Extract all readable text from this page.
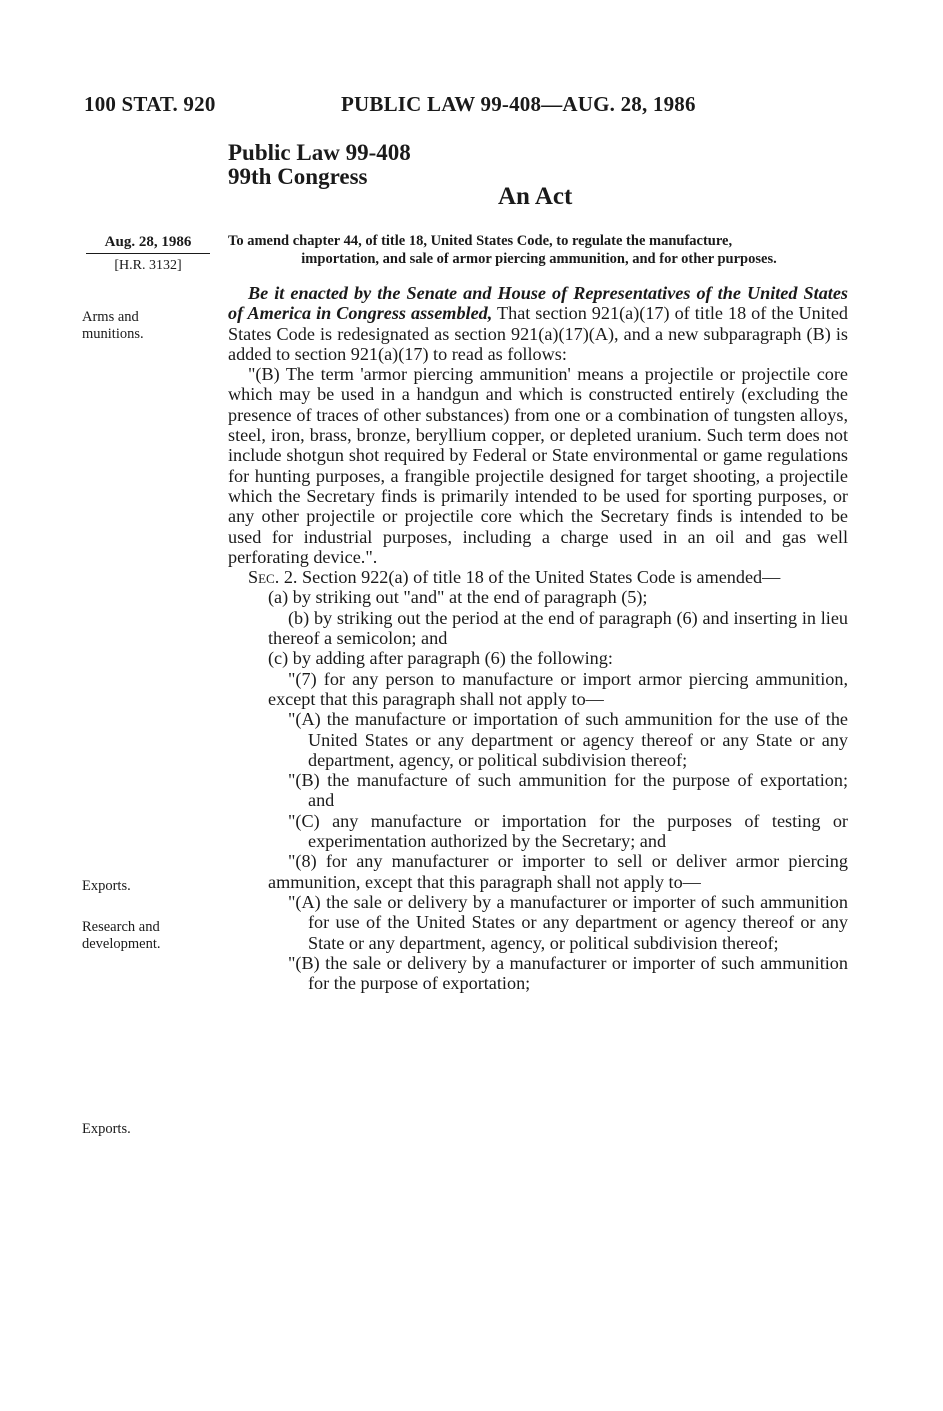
100 STAT. 920	PUBLIC LAW 99-408—AUG. 28, 1986
Public Law 99-408
99th Congress
An Act
Aug. 28, 1986
[H.R. 3132]
Arms and munitions.
Exports.
Research and development.
Exports.
To amend chapter 44, of title 18, United States Code, to regulate the manufacture,
importation, and sale of armor piercing ammunition, and for other purposes.

Be it enacted by the Senate and House of Representatives of the United States of America in Congress assembled, That section 921(a)(17) of title 18 of the United States Code is redesignated as section 921(a)(17)(A), and a new subparagraph (B) is added to section 921(a)(17) to read as follows:

"(B) The term 'armor piercing ammunition' means a projectile or projectile core which may be used in a handgun and which is constructed entirely (excluding the presence of traces of other substances) from one or a combination of tungsten alloys, steel, iron, brass, bronze, beryllium copper, or depleted uranium. Such term does not include shotgun shot required by Federal or State environmental or game regulations for hunting purposes, a frangible projectile designed for target shooting, a projectile which the Secretary finds is primarily intended to be used for sporting purposes, or any other projectile or projectile core which the Secretary finds is intended to be used for industrial purposes, including a charge used in an oil and gas well perforating device.".

Sec. 2. Section 922(a) of title 18 of the United States Code is amended—

(a) by striking out "and" at the end of paragraph (5);

(b) by striking out the period at the end of paragraph (6) and inserting in lieu thereof a semicolon; and

(c) by adding after paragraph (6) the following:

"(7) for any person to manufacture or import armor piercing ammunition, except that this paragraph shall not apply to—

"(A) the manufacture or importation of such ammunition for the use of the United States or any department or agency thereof or any State or any department, agency, or political subdivision thereof;

"(B) the manufacture of such ammunition for the purpose of exportation; and

"(C) any manufacture or importation for the purposes of testing or experimentation authorized by the Secretary; and

"(8) for any manufacturer or importer to sell or deliver armor piercing ammunition, except that this paragraph shall not apply to—

"(A) the sale or delivery by a manufacturer or importer of such ammunition for use of the United States or any department or agency thereof or any State or any department, agency, or political subdivision thereof;

"(B) the sale or delivery by a manufacturer or importer of such ammunition for the purpose of exportation;
